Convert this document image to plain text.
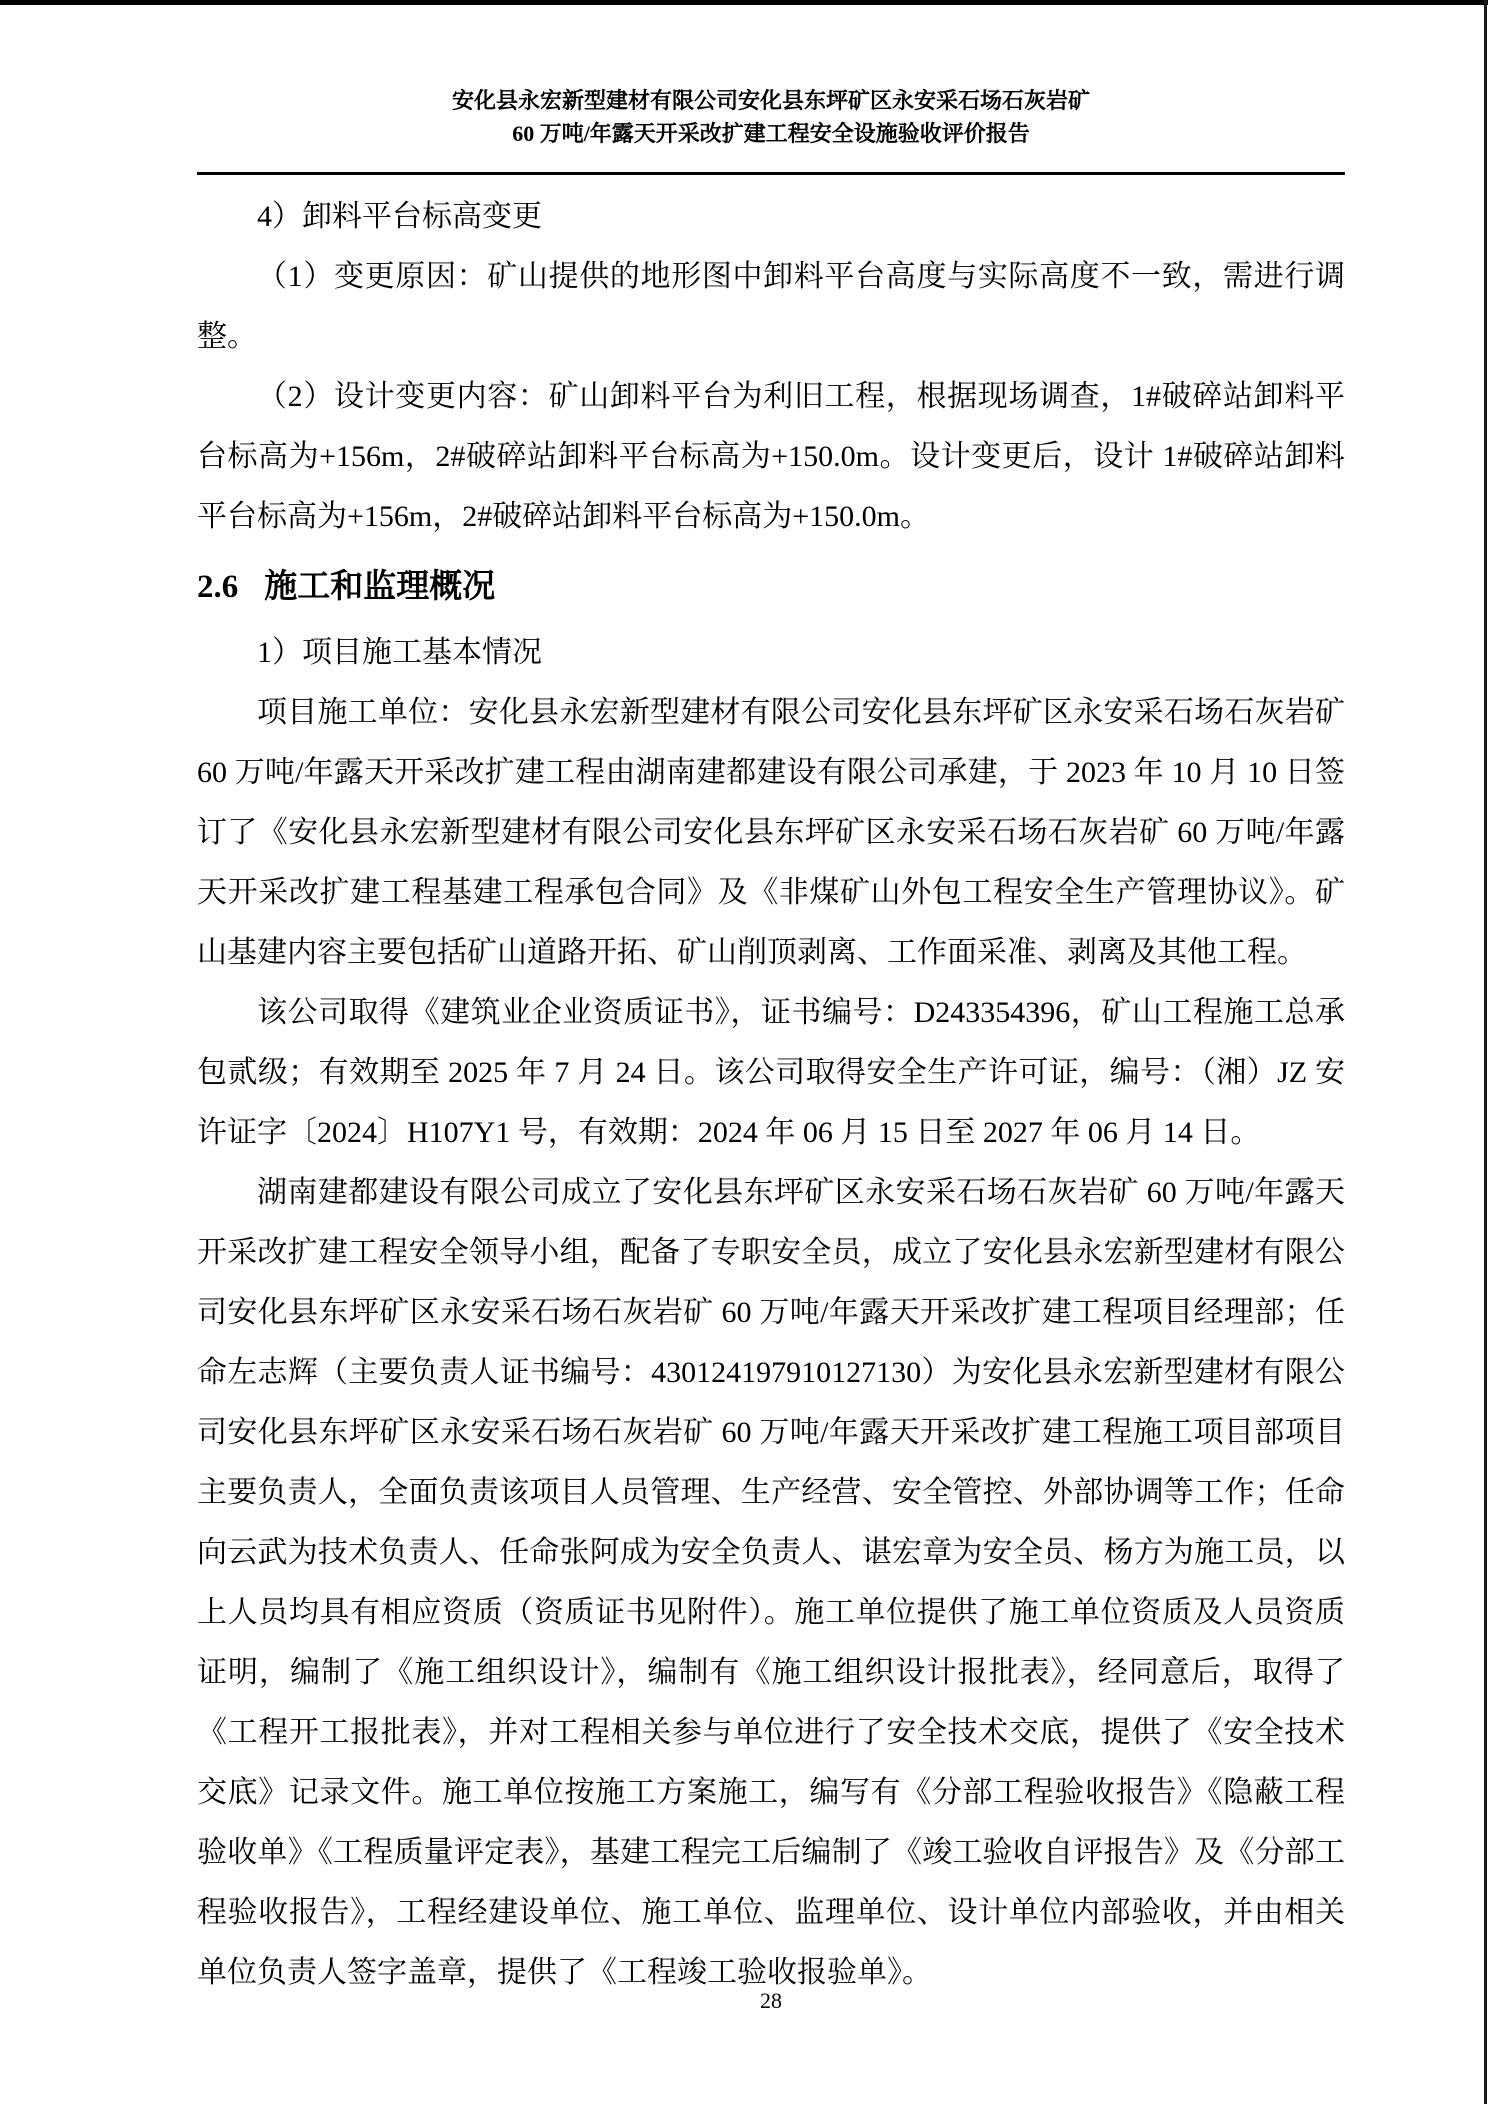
安化县永宏新型建材有限公司安化县东坪矿区永安采石场石灰岩矿
60 万吨/年露天开采改扩建工程安全设施验收评价报告

4）卸料平台标高变更

（1）变更原因：矿山提供的地形图中卸料平台高度与实际高度不一致，需进行调整。

（2）设计变更内容：矿山卸料平台为利旧工程，根据现场调查，1#破碎站卸料平台标高为+156m，2#破碎站卸料平台标高为+150.0m。设计变更后，设计 1#破碎站卸料平台标高为+156m，2#破碎站卸料平台标高为+150.0m。

2.6 施工和监理概况

1）项目施工基本情况

项目施工单位：安化县永宏新型建材有限公司安化县东坪矿区永安采石场石灰岩矿 60 万吨/年露天开采改扩建工程由湖南建都建设有限公司承建，于 2023 年 10 月 10 日签订了《安化县永宏新型建材有限公司安化县东坪矿区永安采石场石灰岩矿 60 万吨/年露天开采改扩建工程基建工程承包合同》及《非煤矿山外包工程安全生产管理协议》。矿山基建内容主要包括矿山道路开拓、矿山削顶剥离、工作面采准、剥离及其他工程。

该公司取得《建筑业企业资质证书》，证书编号：D243354396，矿山工程施工总承包贰级；有效期至 2025 年 7 月 24 日。该公司取得安全生产许可证，编号：（湘）JZ 安许证字〔2024〕H107Y1 号，有效期：2024 年 06 月 15 日至 2027 年 06 月 14 日。

湖南建都建设有限公司成立了安化县东坪矿区永安采石场石灰岩矿 60 万吨/年露天开采改扩建工程安全领导小组，配备了专职安全员，成立了安化县永宏新型建材有限公司安化县东坪矿区永安采石场石灰岩矿 60 万吨/年露天开采改扩建工程项目经理部；任命左志辉（主要负责人证书编号：430124197910127130）为安化县永宏新型建材有限公司安化县东坪矿区永安采石场石灰岩矿 60 万吨/年露天开采改扩建工程施工项目部项目主要负责人，全面负责该项目人员管理、生产经营、安全管控、外部协调等工作；任命向云武为技术负责人、任命张阿成为安全负责人、谌宏章为安全员、杨方为施工员，以上人员均具有相应资质（资质证书见附件）。施工单位提供了施工单位资质及人员资质证明，编制了《施工组织设计》，编制有《施工组织设计报批表》，经同意后，取得了《工程开工报批表》，并对工程相关参与单位进行了安全技术交底，提供了《安全技术交底》记录文件。施工单位按施工方案施工，编写有《分部工程验收报告》《隐蔽工程验收单》《工程质量评定表》，基建工程完工后编制了《竣工验收自评报告》及《分部工程验收报告》，工程经建设单位、施工单位、监理单位、设计单位内部验收，并由相关单位负责人签字盖章，提供了《工程竣工验收报验单》。

28
